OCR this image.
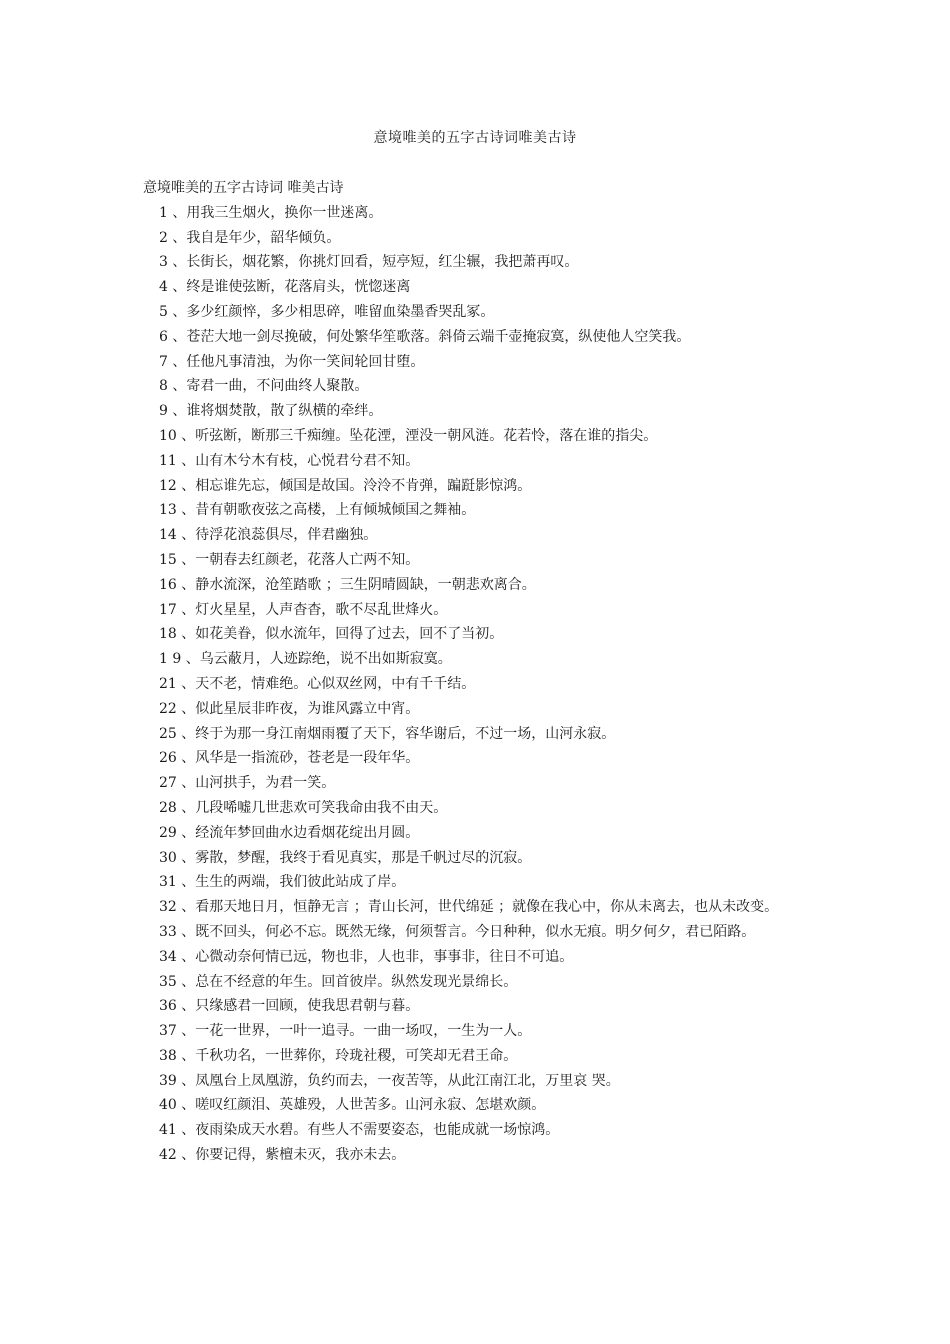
意境唯美的五字古诗词唯美古诗

意境唯美的五字古诗词 唯美古诗

1 、用我三生烟火，换你一世迷离。

2 、我自是年少，韶华倾负。

3 、长街长，烟花繁，你挑灯回看，短亭短，红尘辗，我把萧再叹。

4 、终是谁使弦断，花落肩头，恍惚迷离

5 、多少红颜悴，多少相思碎，唯留血染墨香哭乱冢。

6 、苍茫大地一剑尽挽破，何处繁华笙歌落。斜倚云端千壶掩寂寞，纵使他人空笑我。

7 、任他凡事清浊，为你一笑间轮回甘堕。

8 、寄君一曲，不问曲终人聚散。

9 、谁将烟焚散，散了纵横的牵绊。

10 、听弦断，断那三千痴缠。坠花湮，湮没一朝风涟。花若怜，落在谁的指尖。

11 、山有木兮木有枝，心悦君兮君不知。

12 、相忘谁先忘，倾国是故国。泠泠不肯弹，蹁跹影惊鸿。

13 、昔有朝歌夜弦之高楼，上有倾城倾国之舞袖。

14 、待浮花浪蕊俱尽，伴君幽独。

15 、一朝春去红颜老，花落人亡两不知。

16 、静水流深，沧笙踏歌 ；三生阴晴圆缺，一朝悲欢离合。

17 、灯火星星，人声杳杳，歌不尽乱世烽火。

18 、如花美眷，似水流年，回得了过去，回不了当初。

1 9 、乌云蔽月，人迹踪绝，说不出如斯寂寞。

21 、天不老，情难绝。心似双丝网，中有千千结。

22 、似此星辰非昨夜，为谁风露立中宵。

25 、终于为那一身江南烟雨覆了天下，容华谢后，不过一场，山河永寂。

26 、风华是一指流砂，苍老是一段年华。

27 、山河拱手，为君一笑。

28 、几段唏嘘几世悲欢可笑我命由我不由天。

29 、经流年梦回曲水边看烟花绽出月圆。

30 、雾散，梦醒，我终于看见真实，那是千帆过尽的沉寂。

31 、生生的两端，我们彼此站成了岸。

32 、看那天地日月，恒静无言 ；青山长河，世代绵延 ；就像在我心中，你从未离去，也从未改变。

33 、既不回头，何必不忘。既然无缘，何须誓言。今日种种，似水无痕。明夕何夕，君已陌路。

34 、心微动奈何情已远，物也非，人也非，事事非，往日不可追。

35 、总在不经意的年生。回首彼岸。纵然发现光景绵长。

36 、只缘感君一回顾，使我思君朝与暮。

37 、一花一世界，一叶一追寻。一曲一场叹，一生为一人。

38 、千秋功名，一世葬你，玲珑社稷，可笑却无君王命。

39 、凤凰台上凤凰游，负约而去，一夜苦等，从此江南江北，万里哀 哭。

40 、嗟叹红颜泪、英雄殁，人世苦多。山河永寂、怎堪欢颜。

41 、夜雨染成天水碧。有些人不需要姿态，也能成就一场惊鸿。

42 、你要记得，紫檀未灭，我亦未去。
